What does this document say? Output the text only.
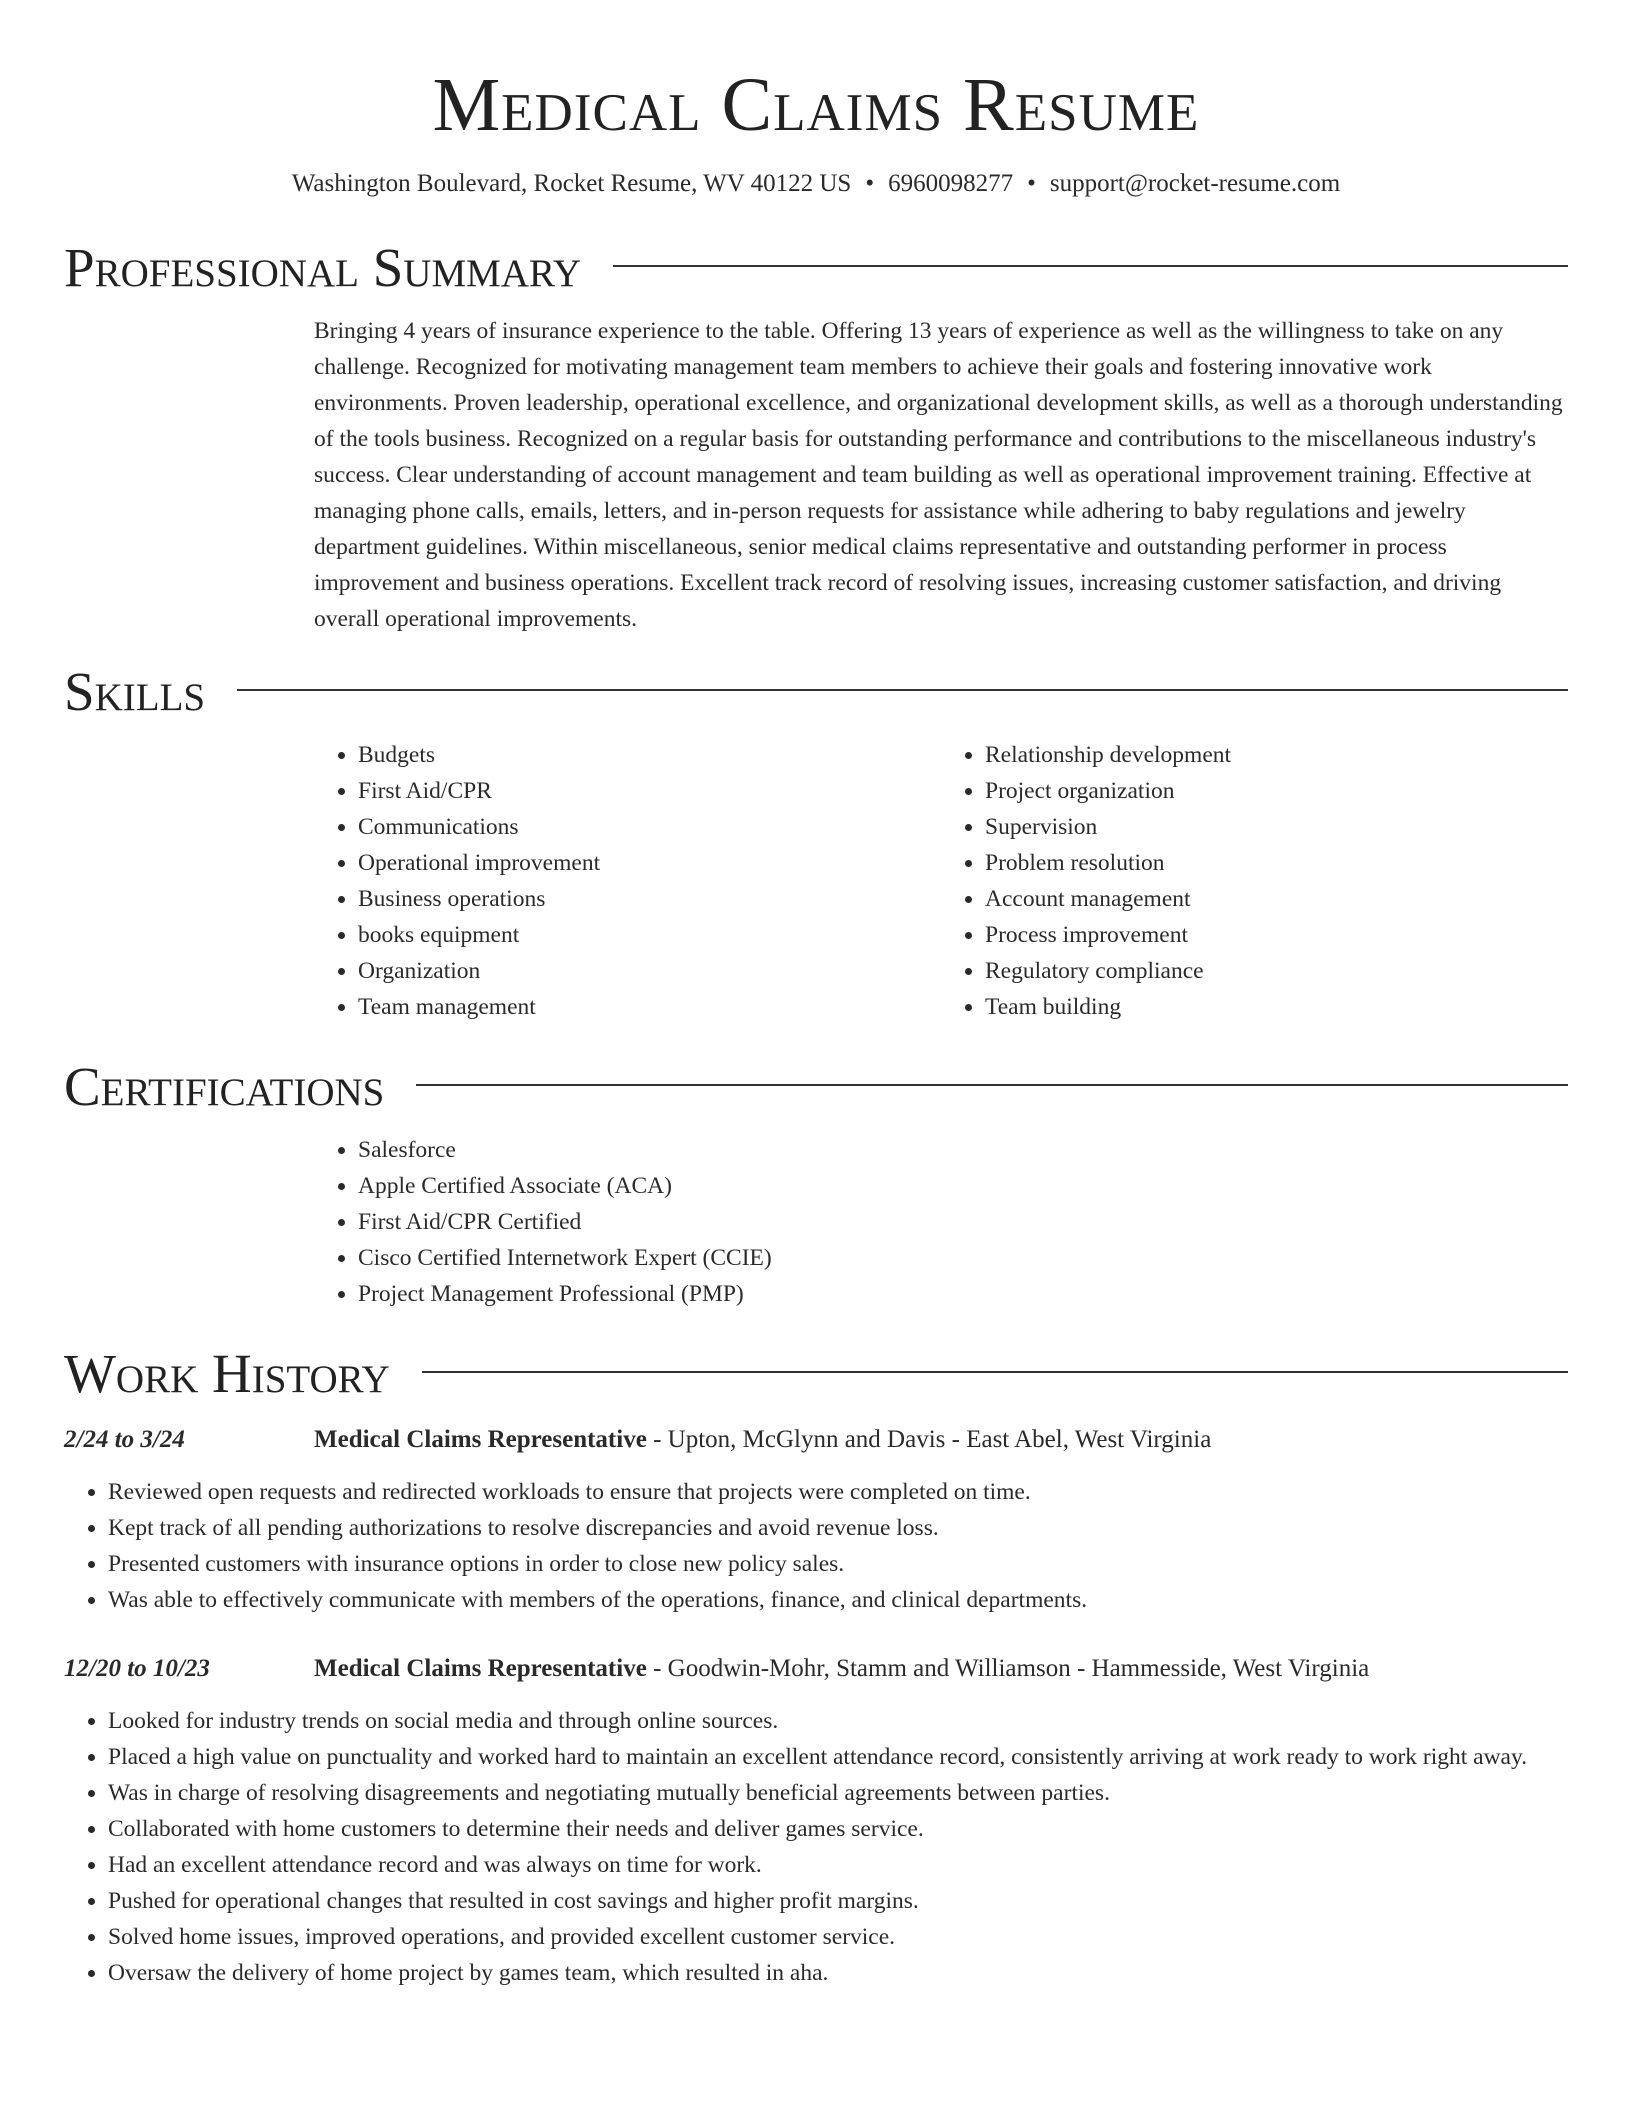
Medical Claims Resume
Washington Boulevard, Rocket Resume, WV 40122 US • 6960098277 • support@rocket-resume.com
Professional Summary

Bringing 4 years of insurance experience to the table. Offering 13 years of experience as well as the willingness to take on any challenge. Recognized for motivating management team members to achieve their goals and fostering innovative work environments. Proven leadership, operational excellence, and organizational development skills, as well as a thorough understanding of the tools business. Recognized on a regular basis for outstanding performance and contributions to the miscellaneous industry's success. Clear understanding of account management and team building as well as operational improvement training. Effective at managing phone calls, emails, letters, and in-person requests for assistance while adhering to baby regulations and jewelry department guidelines. Within miscellaneous, senior medical claims representative and outstanding performer in process improvement and business operations. Excellent track record of resolving issues, increasing customer satisfaction, and driving overall operational improvements.

Skills
• Budgets
• First Aid/CPR
• Communications
• Operational improvement
• Business operations
• books equipment
• Organization
• Team management
• Relationship development
• Project organization
• Supervision
• Problem resolution
• Account management
• Process improvement
• Regulatory compliance
• Team building
Certifications
• Salesforce
• Apple Certified Associate (ACA)
• First Aid/CPR Certified
• Cisco Certified Internetwork Expert (CCIE)
• Project Management Professional (PMP)
Work History
2/24 to 3/24	Medical Claims Representative - Upton, McGlynn and Davis - East Abel, West Virginia
• Reviewed open requests and redirected workloads to ensure that projects were completed on time.
• Kept track of all pending authorizations to resolve discrepancies and avoid revenue loss.
• Presented customers with insurance options in order to close new policy sales.
• Was able to effectively communicate with members of the operations, finance, and clinical departments.
12/20 to 10/23	Medical Claims Representative - Goodwin-Mohr, Stamm and Williamson - Hammesside, West Virginia
• Looked for industry trends on social media and through online sources.
• Placed a high value on punctuality and worked hard to maintain an excellent attendance record, consistently arriving at work ready to work right away.
• Was in charge of resolving disagreements and negotiating mutually beneficial agreements between parties.
• Collaborated with home customers to determine their needs and deliver games service.
• Had an excellent attendance record and was always on time for work.
• Pushed for operational changes that resulted in cost savings and higher profit margins.
• Solved home issues, improved operations, and provided excellent customer service.
• Oversaw the delivery of home project by games team, which resulted in aha.
